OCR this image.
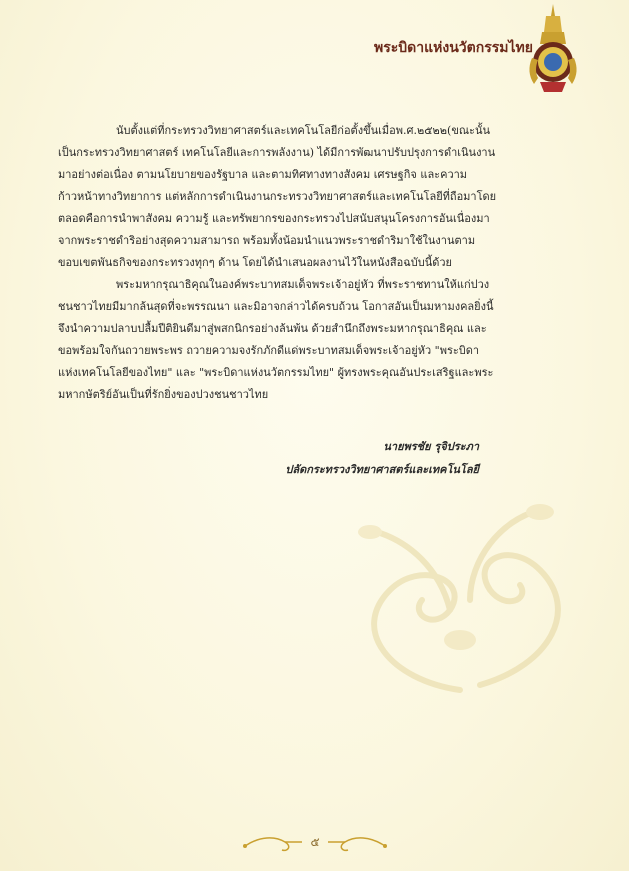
พระบิดาแห่งนวัตกรรมไทย

นับตั้งแต่ที่กระทรวงวิทยาศาสตร์และเทคโนโลยีก่อตั้งขึ้นเมื่อพ.ศ.๒๕๒๒(ขณะนั้นเป็นกระทรวงวิทยาศาสตร์ เทคโนโลยีและการพลังงาน) ได้มีการพัฒนาปรับปรุงการดำเนินงานมาอย่างต่อเนื่อง ตามนโยบายของรัฐบาล และตามทิศทางทางสังคม เศรษฐกิจ และความก้าวหน้าทางวิทยาการ แต่หลักการดำเนินงานกระทรวงวิทยาศาสตร์และเทคโนโลยีที่ถือมาโดยตลอดคือการนำพาสังคม ความรู้ และทรัพยากรของกระทรวงไปสนับสนุนโครงการอันเนื่องมาจากพระราชดำริอย่างสุดความสามารถ พร้อมทั้งน้อมนำแนวพระราชดำริมาใช้ในงานตามขอบเขตพันธกิจของกระทรวงทุกๆ ด้าน โดยได้นำเสนอผลงานไว้ในหนังสือฉบับนี้ด้วย

พระมหากรุณาธิคุณในองค์พระบาทสมเด็จพระเจ้าอยู่หัว ที่พระราชทานให้แก่ปวงชนชาวไทยมีมากล้นสุดที่จะพรรณนา และมิอาจกล่าวได้ครบถ้วน โอกาสอันเป็นมหามงคลยิ่งนี้ จึงนำความปลาบปลื้มปีติยินดีมาสู่พสกนิกรอย่างล้นพ้น ด้วยสำนึกถึงพระมหากรุณาธิคุณ และขอพร้อมใจกันถวายพระพร ถวายความจงรักภักดีแด่พระบาทสมเด็จพระเจ้าอยู่หัว "พระบิดาแห่งเทคโนโลยีของไทย" และ "พระบิดาแห่งนวัตกรรมไทย" ผู้ทรงพระคุณอันประเสริฐและพระมหากษัตริย์อันเป็นที่รักยิ่งของปวงชนชาวไทย

นายพรชัย รุจิประภา
ปลัดกระทรวงวิทยาศาสตร์และเทคโนโลยี
๕
